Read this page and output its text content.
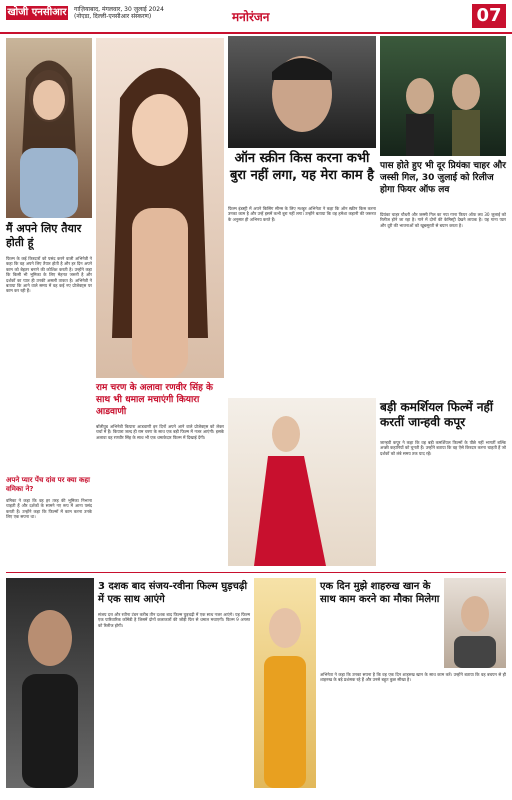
खोजी एनसीआर गाज़ियाबाद, मंगलवार, 30 जुलाई 2024
(नोएडा, दिल्ली-एनसीआर संस्करण)	मनोरंजन	07
मैं अपने लिए तैयार होती हूं
फिल्म के कई किरदारों को पसंद करने वाली अभिनेत्री ने कहा कि वह अपने लिए तैयार होती है और हर दिन अपने काम को बेहतर बनाने की कोशिश करती है। उन्होंने कहा कि किसी भी भूमिका के लिए मेहनत जरूरी है और दर्शकों का प्यार ही उनकी असली ताकत है। अभिनेत्री ने बताया कि आने वाले समय में वह कई नए प्रोजेक्ट्स पर काम कर रही हैं।
अपने प्यार पेंच दांव पर क्या कहा वमिका ने?
वमिका ने कहा कि वह हर तरह की भूमिका निभाना चाहती हैं और दर्शकों के सामने नए रूप में आना पसंद करती हैं। उन्होंने कहा कि फिल्मों में काम करना उनके लिए एक सपना था।
राम चरण के अलावा रणवीर सिंह के साथ भी धमाल मचाएंगी कियारा आडवाणी
बॉलीवुड अभिनेत्री कियारा आडवाणी इन दिनों अपने आने वाले प्रोजेक्ट्स को लेकर चर्चा में हैं। कियारा जल्द ही राम चरण के साथ एक बड़ी फिल्म में नजर आएंगी। इसके अलावा वह रणवीर सिंह के साथ भी एक धमाकेदार फिल्म में दिखाई देंगी।
ऑन स्क्रीन किस करना कभी बुरा नहीं लगा, यह मेरा काम है
फिल्म इंडस्ट्री में अपने किसिंग सीन्स के लिए मशहूर अभिनेता ने कहा कि ऑन स्क्रीन किस करना उनका काम है और उन्हें इसमें कभी बुरा नहीं लगा। उन्होंने बताया कि वह हमेशा कहानी की जरूरत के अनुसार ही अभिनय करते हैं।
पास होते हुए भी दूर प्रियंका चाहर और जस्सी गिल, 30 जुलाई को रिलीज होगा फियर ऑफ लव
प्रियंका चाहर चौधरी और जस्सी गिल का नया गाना फियर ऑफ लव 30 जुलाई को रिलीज होने जा रहा है। गाने में दोनों की केमिस्ट्री देखने लायक है। यह गाना प्यार और दूरी की भावनाओं को खूबसूरती से बयान करता है।
बड़ी कमर्शियल फिल्में नहीं करतीं जान्हवी कपूर
जान्हवी कपूर ने कहा कि वह बड़ी कमर्शियल फिल्मों के पीछे नहीं भागतीं बल्कि अच्छी कहानियों को चुनती हैं। उन्होंने बताया कि वह ऐसे किरदार करना चाहती हैं जो दर्शकों को लंबे समय तक याद रहें।
3 दशक बाद संजय-रवीना फिल्म घुड़चढ़ी में एक साथ आएंगे
संजय दत्त और रवीना टंडन करीब तीन दशक बाद फिल्म घुड़चढ़ी में एक साथ नजर आएंगे। यह फिल्म एक पारिवारिक कॉमेडी है जिसमें दोनों कलाकारों की जोड़ी फिर से धमाल मचाएगी। फिल्म 9 अगस्त को रिलीज होगी।
एक दिन मुझे शाहरुख खान के साथ काम करने का मौका मिलेगा
अभिनेता ने कहा कि उनका सपना है कि वह एक दिन शाहरुख खान के साथ काम करें। उन्होंने बताया कि वह बचपन से ही शाहरुख के बड़े प्रशंसक रहे हैं और उनसे बहुत कुछ सीखा है।
